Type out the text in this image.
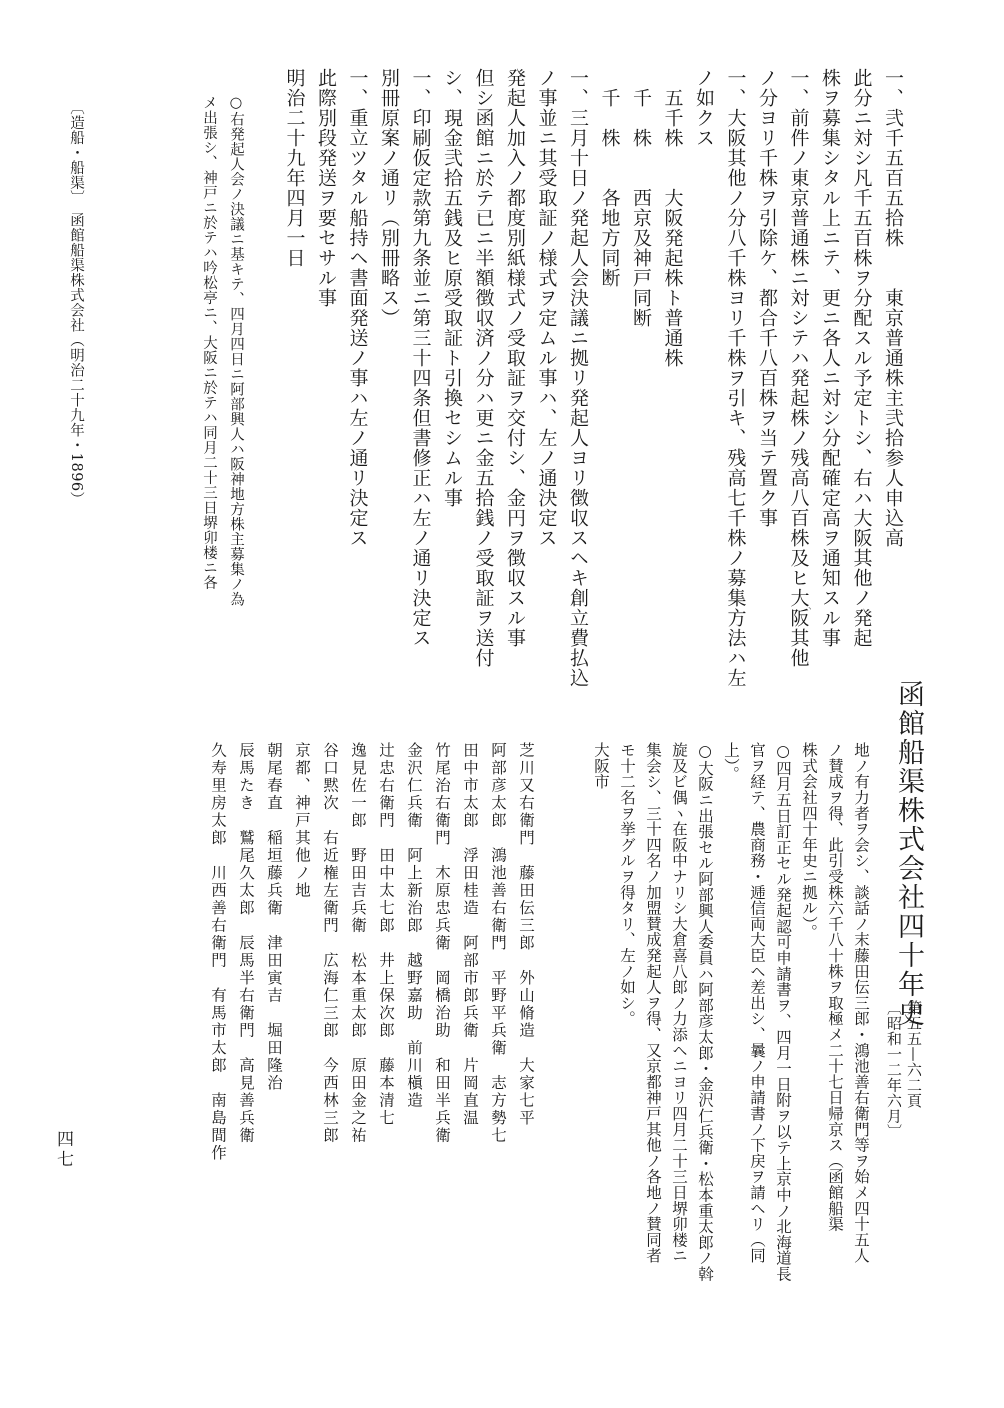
一、弐千五百五拾株　　東京普通株主弐拾参人申込高
此分ニ対シ凡千五百株ヲ分配スル予定トシ、右ハ大阪其他ノ発起
株ヲ募集シタル上ニテ、更ニ各人ニ対シ分配確定高ヲ通知スル事
一、前件ノ東京普通株ニ対シテハ発起株ノ残高八百株及ヒ大阪其他
ノ分ヨリ千株ヲ引除ケ、都合千八百株ヲ当テ置ク事
一、大阪其他ノ分八千株ヨリ千株ヲ引キ、残高七千株ノ募集方法ハ左
ノ如クス
　五千株　　大阪発起株ト普通株
　千　株　　西京及神戸同断
　千　株　　各地方同断
一、三月十日ノ発起人会決議ニ拠リ発起人ヨリ徴収スヘキ創立費払込
ノ事並ニ其受取証ノ様式ヲ定ムル事ハ、左ノ通決定ス
発起人加入ノ都度別紙様式ノ受取証ヲ交付シ、金円ヲ徴収スル事
但シ函館ニ於テ已ニ半額徴収済ノ分ハ更ニ金五拾銭ノ受取証ヲ送付
シ、現金弐拾五銭及ヒ原受取証ト引換セシムル事
一、印刷仮定款第九条並ニ第三十四条但書修正ハ左ノ通リ決定ス
別冊原案ノ通リ（別冊略ス）
一、重立ツタル船持ヘ書面発送ノ事ハ左ノ通リ決定ス
此際別段発送ヲ要セサル事
明治二十九年四月一日
○右発起人会ノ決議ニ基キテ、四月四日ニ阿部興人ハ阪神地方株主募集ノ為
メ出張シ、神戸ニ於テハ吟松亭ニ、大阪ニ於テハ同月二十三日堺卯楼ニ各
〔造船・船渠〕　函館船渠株式会社（明治二十九年・1896）
、
函館船渠株式会社四十年史
第五五—六二頁
〔昭和一二年六月〕
地ノ有力者ヲ会シ、談話ノ末藤田伝三郎・鴻池善右衛門等ヲ始メ四十五人
ノ賛成ヲ得、此引受株六千八十株ヲ取極メ二十七日帰京ス（函館船渠
株式会社四十年史ニ拠ル）。
○四月五日訂正セル発起認可申請書ヲ、四月一日附ヲ以テ上京中ノ北海道長
官ヲ経テ、農商務・逓信両大臣ヘ差出シ、曩ノ申請書ノ下戻ヲ請ヘリ（同
上）。
○大阪ニ出張セル阿部興人委員ハ阿部彦太郎・金沢仁兵衛・松本重太郎ノ斡
旋及ビ偶ヽ在阪中ナリシ大倉喜八郎ノ力添ヘニヨリ四月二十三日堺卯楼ニ
集会シ、三十四名ノ加盟賛成発起人ヲ得、又京都神戸其他ノ各地ノ賛同者
モ十二名ヲ挙グルヲ得タリ、左ノ如シ。
大阪市
芝川又右衛門　藤田伝三郎　外山脩造　大家七平
阿部彦太郎　鴻池善右衛門　平野平兵衛　志方勢七
田中市太郎　浮田桂造　阿部市郎兵衛　片岡直温
竹尾治右衛門　木原忠兵衛　岡橋治助　和田半兵衛
金沢仁兵衛　阿上新治郎　越野嘉助　前川槇造
辻忠右衛門　田中太七郎　井上保次郎　藤本清七
逸見佐一郎　野田吉兵衛　松本重太郎　原田金之祐
谷口黙次　右近権左衛門　広海仁三郎　今西林三郎
京都、神戸其他ノ地
朝尾春直　稲垣藤兵衛　津田寅吉　堀田隆治
辰馬たき　鷲尾久太郎　辰馬半右衛門　高見善兵衛
久寿里房太郎　川西善右衛門　有馬市太郎　南島間作
四七
